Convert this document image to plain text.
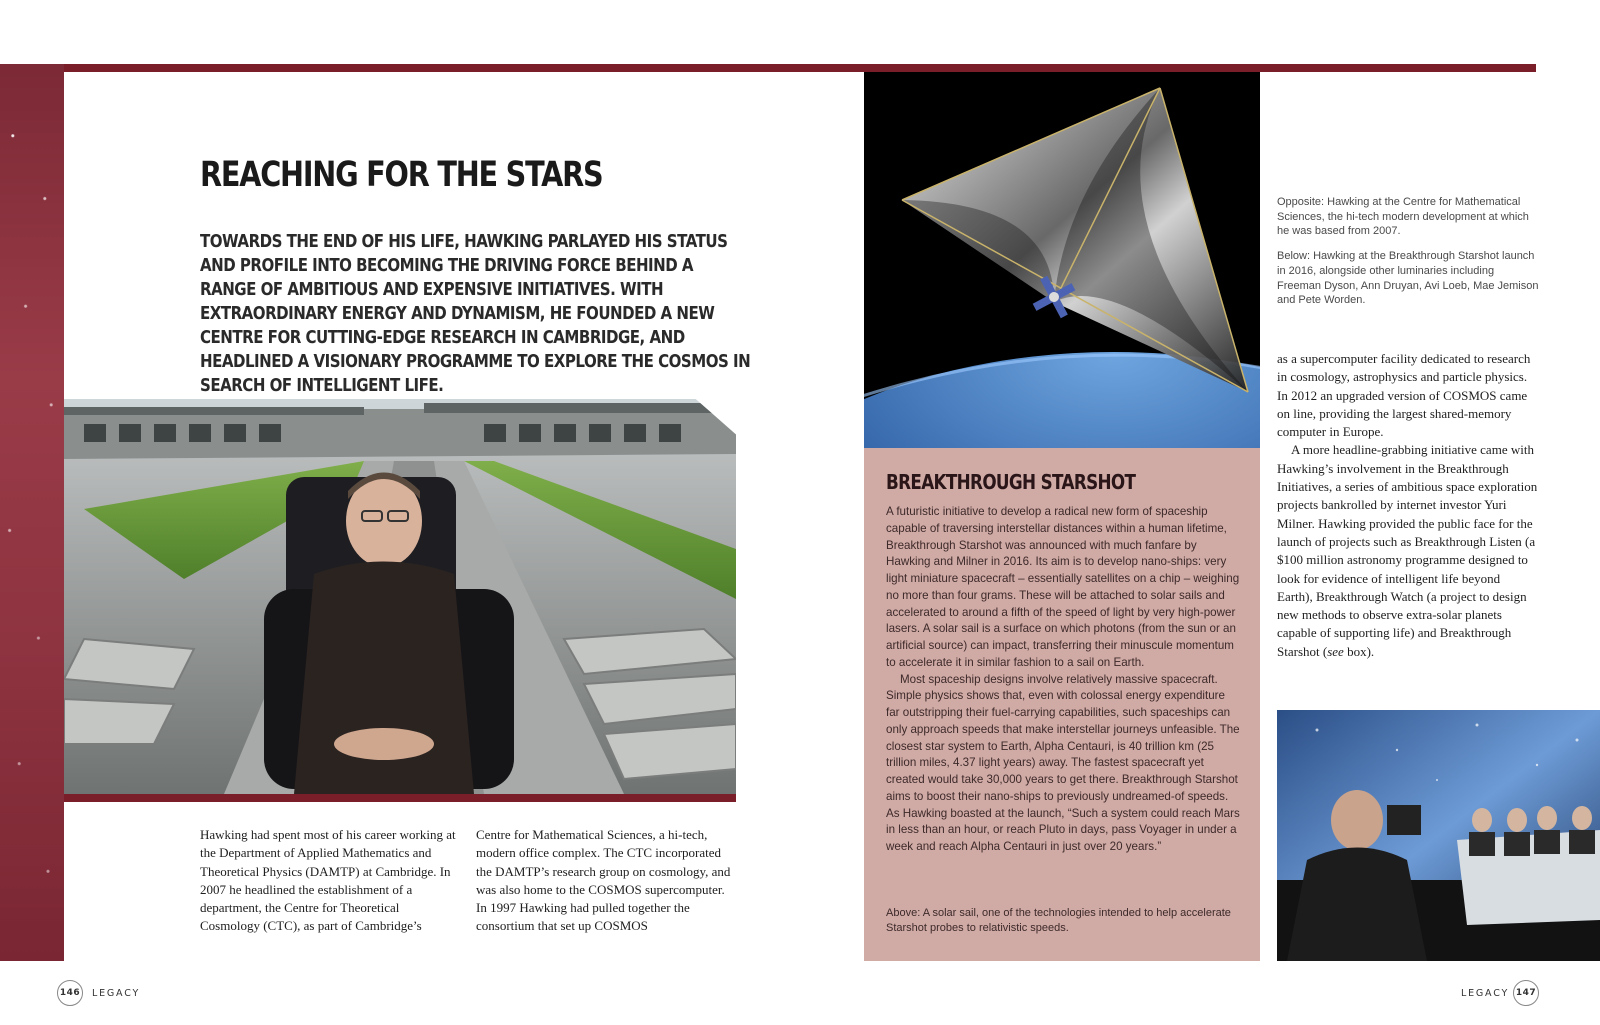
REACHING FOR THE STARS
TOWARDS THE END OF HIS LIFE, HAWKING PARLAYED HIS STATUS AND PROFILE INTO BECOMING THE DRIVING FORCE BEHIND A RANGE OF AMBITIOUS AND EXPENSIVE INITIATIVES. WITH EXTRAORDINARY ENERGY AND DYNAMISM, HE FOUNDED A NEW CENTRE FOR CUTTING-EDGE RESEARCH IN CAMBRIDGE, AND HEADLINED A VISIONARY PROGRAMME TO EXPLORE THE COSMOS IN SEARCH OF INTELLIGENT LIFE.
Hawking had spent most of his career working at the Department of Applied Mathematics and Theoretical Physics (DAMTP) at Cambridge. In 2007 he headlined the establishment of a department, the Centre for Theoretical Cosmology (CTC), as part of Cambridge’s
Centre for Mathematical Sciences, a hi-tech, modern office complex. The CTC incorporated the DAMTP’s research group on cosmology, and was also home to the COSMOS supercomputer. In 1997 Hawking had pulled together the consortium that set up COSMOS
BREAKTHROUGH STARSHOT

A futuristic initiative to develop a radical new form of spaceship capable of traversing interstellar distances within a human lifetime, Breakthrough Starshot was announced with much fanfare by Hawking and Milner in 2016. Its aim is to develop nano-ships: very light miniature spacecraft – essentially satellites on a chip – weighing no more than four grams. These will be attached to solar sails and accelerated to around a fifth of the speed of light by very high-power lasers. A solar sail is a surface on which photons (from the sun or an artificial source) can impact, transferring their minuscule momentum to accelerate it in similar fashion to a sail on Earth.

Most spaceship designs involve relatively massive spacecraft. Simple physics shows that, even with colossal energy expenditure far outstripping their fuel-carrying capabilities, such spaceships can only approach speeds that make interstellar journeys unfeasible. The closest star system to Earth, Alpha Centauri, is 40 trillion km (25 trillion miles, 4.37 light years) away. The fastest spacecraft yet created would take 30,000 years to get there. Breakthrough Starshot aims to boost their nano-ships to previously undreamed-of speeds. As Hawking boasted at the launch, “Such a system could reach Mars in less than an hour, or reach Pluto in days, pass Voyager in under a week and reach Alpha Centauri in just over 20 years.”

Above: A solar sail, one of the technologies intended to help accelerate Starshot probes to relativistic speeds.

Opposite: Hawking at the Centre for Mathematical Sciences, the hi-tech modern development at which he was based from 2007.

Below: Hawking at the Breakthrough Starshot launch in 2016, alongside other luminaries including Freeman Dyson, Ann Druyan, Avi Loeb, Mae Jemison and Pete Worden.

as a supercomputer facility dedicated to research in cosmology, astrophysics and particle physics. In 2012 an upgraded version of COSMOS came on line, providing the largest shared-memory computer in Europe.

A more headline-grabbing initiative came with Hawking’s involvement in the Breakthrough Initiatives, a series of ambitious space exploration projects bankrolled by internet investor Yuri Milner. Hawking provided the public face for the launch of projects such as Breakthrough Listen (a $100 million astronomy programme designed to look for evidence of intelligent life beyond Earth), Breakthrough Watch (a project to design new methods to observe extra-solar planets capable of supporting life) and Breakthrough Starshot (see box).

146	LEGACY	LEGACY 147
